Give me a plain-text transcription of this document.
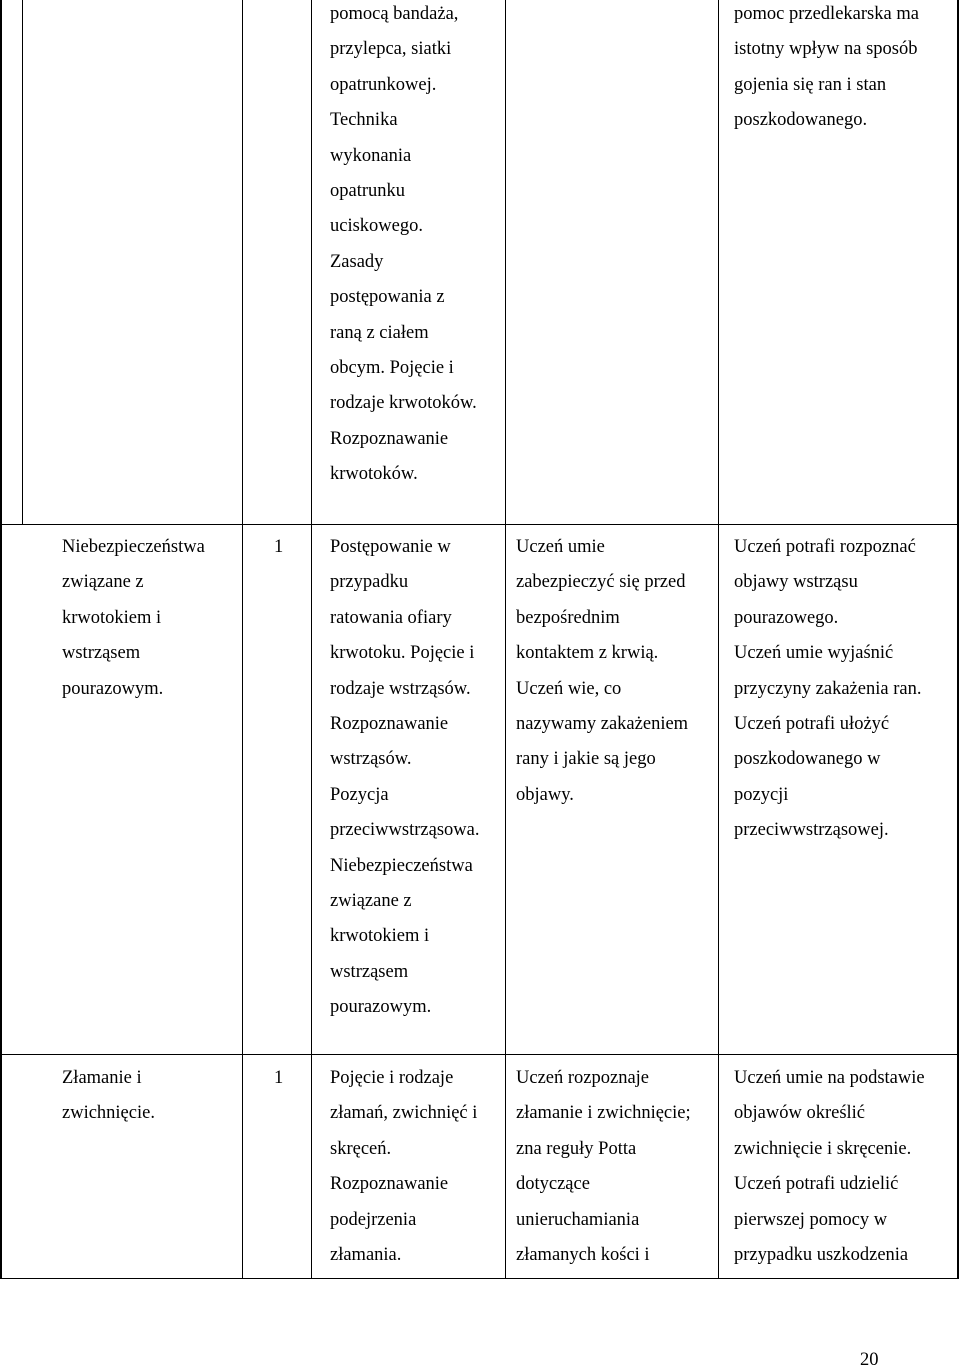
pomocą bandaża,
przylepca, siatki
opatrunkowej.
Technika
wykonania
opatrunku
uciskowego.
Zasady
postępowania z
raną z ciałem
obcym. Pojęcie i
rodzaje krwotoków.
Rozpoznawanie
krwotoków.
pomoc przedlekarska ma
istotny wpływ na sposób
gojenia się ran i stan
poszkodowanego.
Niebezpieczeństwa
związane z
krwotokiem i
wstrząsem
pourazowym.
1	Postępowanie w
przypadku
ratowania ofiary
krwotoku. Pojęcie i
rodzaje wstrząsów.
Rozpoznawanie
wstrząsów.
Pozycja
przeciwwstrząsowa.
Niebezpieczeństwa
związane z
krwotokiem i
wstrząsem
pourazowym.
Uczeń umie
zabezpieczyć się przed
bezpośrednim
kontaktem z krwią.
Uczeń wie, co
nazywamy zakażeniem
rany i jakie są jego
objawy.
Uczeń potrafi rozpoznać
objawy wstrząsu
pourazowego.
Uczeń umie wyjaśnić
przyczyny zakażenia ran.
Uczeń potrafi ułożyć
poszkodowanego w
pozycji
przeciwwstrząsowej.
Złamanie i
zwichnięcie.
1	Pojęcie i rodzaje
złamań, zwichnięć i
skręceń.
Rozpoznawanie
podejrzenia
złamania.
Uczeń rozpoznaje
złamanie i zwichnięcie;
zna reguły Potta
dotyczące
unieruchamiania
złamanych kości i
Uczeń umie na podstawie
objawów określić
zwichnięcie i skręcenie.
Uczeń potrafi udzielić
pierwszej pomocy w
przypadku uszkodzenia
20
